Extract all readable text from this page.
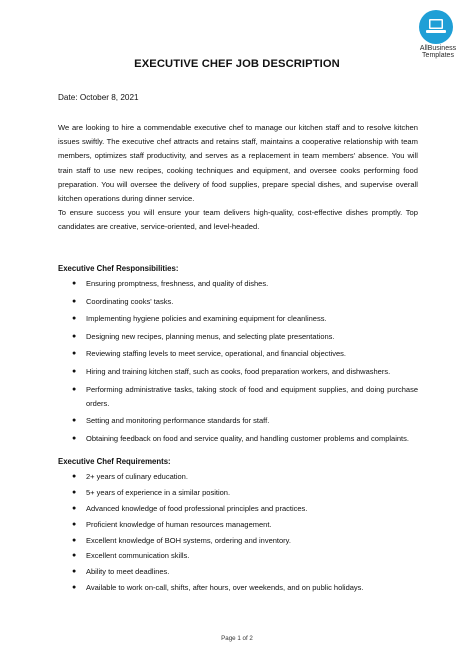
AllBusiness
Templates
EXECUTIVE CHEF JOB DESCRIPTION
Date: October 8, 2021

We are looking to hire a commendable executive chef to manage our kitchen staff and to resolve kitchen issues swiftly. The executive chef attracts and retains staff, maintains a cooperative relationship with team members, optimizes staff productivity, and serves as a replacement in team members' absence. You will train staff to use new recipes, cooking techniques and equipment, and oversee cooks performing food preparation. You will oversee the delivery of food supplies, prepare special dishes, and supervise overall kitchen operations during dinner service.

To ensure success you will ensure your team delivers high-quality, cost-effective dishes promptly. Top candidates are creative, service-oriented, and level-headed.

Executive Chef Responsibilities:
● Ensuring promptness, freshness, and quality of dishes.
● Coordinating cooks' tasks.
● Implementing hygiene policies and examining equipment for cleanliness.
● Designing new recipes, planning menus, and selecting plate presentations.
● Reviewing staffing levels to meet service, operational, and financial objectives.
● Hiring and training kitchen staff, such as cooks, food preparation workers, and dishwashers.
● Performing administrative tasks, taking stock of food and equipment supplies, and doing purchase orders.
● Setting and monitoring performance standards for staff.
● Obtaining feedback on food and service quality, and handling customer problems and complaints.
Executive Chef Requirements:
● 2+ years of culinary education.
● 5+ years of experience in a similar position.
● Advanced knowledge of food professional principles and practices.
● Proficient knowledge of human resources management.
● Excellent knowledge of BOH systems, ordering and inventory.
● Excellent communication skills.
● Ability to meet deadlines.
● Available to work on-call, shifts, after hours, over weekends, and on public holidays.
Page 1 of 2
